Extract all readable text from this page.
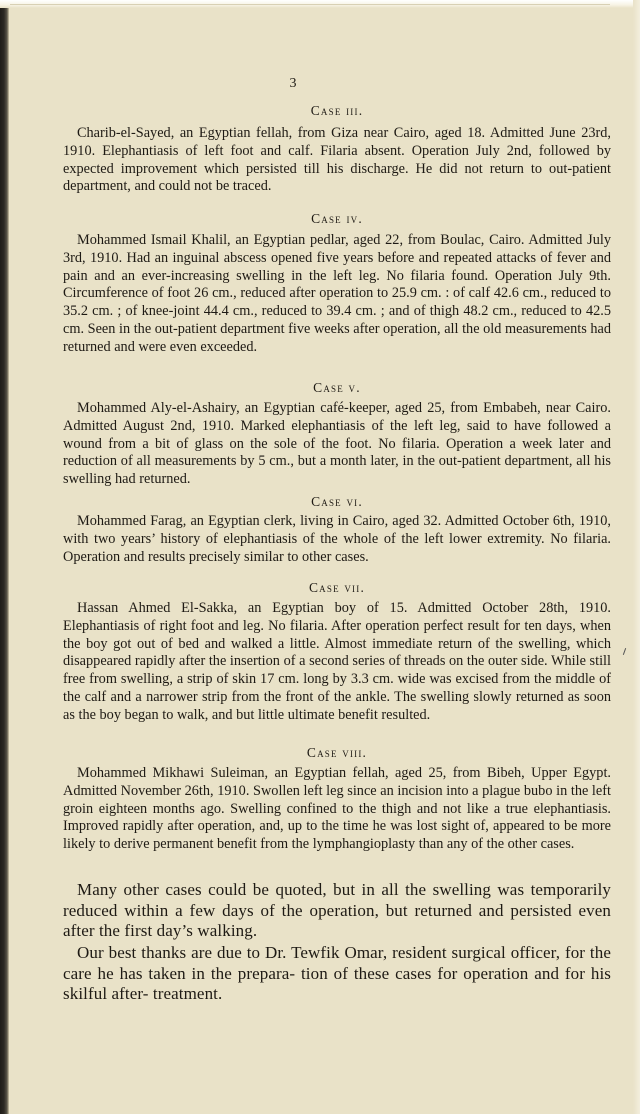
3
Case iii.

Charib-el-Sayed, an Egyptian fellah, from Giza near Cairo, aged 18. Admitted June 23rd, 1910. Elephantiasis of left foot and calf. Filaria absent. Operation July 2nd, followed by expected improvement which persisted till his discharge. He did not return to out-patient department, and could not be traced.

Case iv.

Mohammed Ismail Khalil, an Egyptian pedlar, aged 22, from Boulac, Cairo. Admitted July 3rd, 1910. Had an inguinal abscess opened five years before and repeated attacks of fever and pain and an ever-increasing swelling in the left leg. No filaria found. Operation July 9th. Circumference of foot 26 cm., reduced after operation to 25.9 cm. : of calf 42.6 cm., reduced to 35.2 cm. ; of knee-joint 44.4 cm., reduced to 39.4 cm. ; and of thigh 48.2 cm., reduced to 42.5 cm. Seen in the out-patient department five weeks after operation, all the old measurements had returned and were even exceeded.

Case v.

Mohammed Aly-el-Ashairy, an Egyptian café-keeper, aged 25, from Embabeh, near Cairo. Admitted August 2nd, 1910. Marked elephantiasis of the left leg, said to have followed a wound from a bit of glass on the sole of the foot. No filaria. Operation a week later and reduction of all measurements by 5 cm., but a month later, in the out-patient department, all his swelling had returned.

Case vi.

Mohammed Farag, an Egyptian clerk, living in Cairo, aged 32. Admitted October 6th, 1910, with two years’ history of elephantiasis of the whole of the left lower extremity. No filaria. Operation and results precisely similar to other cases.

Case vii.

Hassan Ahmed El-Sakka, an Egyptian boy of 15. Admitted October 28th, 1910. Elephantiasis of right foot and leg. No filaria. After operation perfect result for ten days, when the boy got out of bed and walked a little. Almost immediate return of the swelling, which disappeared rapidly after the insertion of a second series of threads on the outer side. While still free from swelling, a strip of skin 17 cm. long by 3.3 cm. wide was excised from the middle of the calf and a narrower strip from the front of the ankle. The swelling slowly returned as soon as the boy began to walk, and but little ultimate benefit resulted.

Case viii.

Mohammed Mikhawi Suleiman, an Egyptian fellah, aged 25, from Bibeh, Upper Egypt. Admitted November 26th, 1910. Swollen left leg since an incision into a plague bubo in the left groin eighteen months ago. Swelling confined to the thigh and not like a true elephantiasis. Improved rapidly after operation, and, up to the time he was lost sight of, appeared to be more likely to derive permanent benefit from the lymphangioplasty than any of the other cases.

Many other cases could be quoted, but in all the swelling was temporarily reduced within a few days of the operation, but returned and persisted even after the first day’s walking.

Our best thanks are due to Dr. Tewfik Omar, resident surgical officer, for the care he has taken in the prepara- tion of these cases for operation and for his skilful after- treatment.
